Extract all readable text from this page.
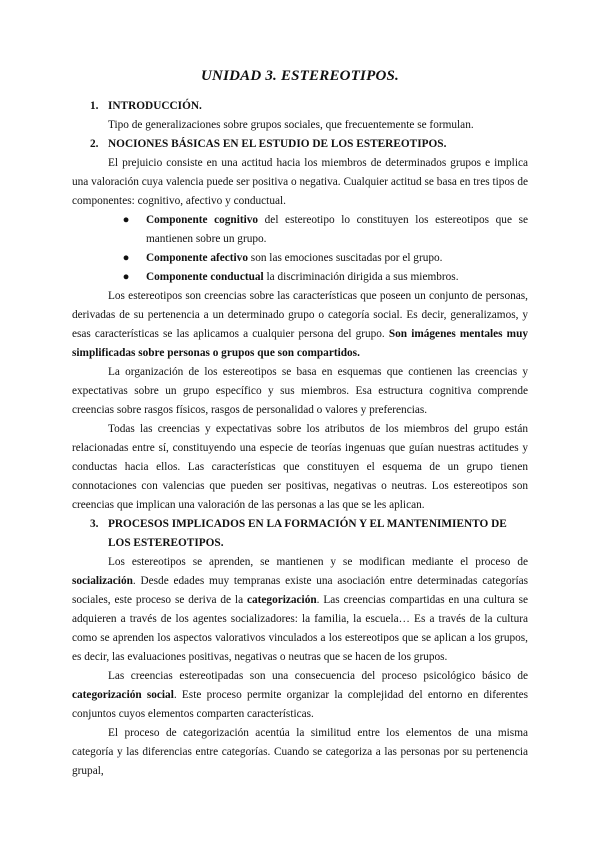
UNIDAD 3. ESTEREOTIPOS.

1. INTRODUCCIÓN.

Tipo de generalizaciones sobre grupos sociales, que frecuentemente se formulan.

2. NOCIONES BÁSICAS EN EL ESTUDIO DE LOS ESTEREOTIPOS.

El prejuicio consiste en una actitud hacia los miembros de determinados grupos e implica una valoración cuya valencia puede ser positiva o negativa. Cualquier actitud se basa en tres tipos de componentes: cognitivo, afectivo y conductual.

●	Componente cognitivo del estereotipo lo constituyen los estereotipos que se mantienen sobre un grupo.
●	Componente afectivo son las emociones suscitadas por el grupo.
●	Componente conductual la discriminación dirigida a sus miembros.

Los estereotipos son creencias sobre las características que poseen un conjunto de personas, derivadas de su pertenencia a un determinado grupo o categoría social. Es decir, generalizamos, y esas características se las aplicamos a cualquier persona del grupo. Son imágenes mentales muy simplificadas sobre personas o grupos que son compartidos.

La organización de los estereotipos se basa en esquemas que contienen las creencias y expectativas sobre un grupo específico y sus miembros. Esa estructura cognitiva comprende creencias sobre rasgos físicos, rasgos de personalidad o valores y preferencias.

Todas las creencias y expectativas sobre los atributos de los miembros del grupo están relacionadas entre sí, constituyendo una especie de teorías ingenuas que guían nuestras actitudes y conductas hacia ellos. Las características que constituyen el esquema de un grupo tienen connotaciones con valencias que pueden ser positivas, negativas o neutras. Los estereotipos son creencias que implican una valoración de las personas a las que se les aplican.

3. PROCESOS IMPLICADOS EN LA FORMACIÓN Y EL MANTENIMIENTO DE LOS ESTEREOTIPOS.

Los estereotipos se aprenden, se mantienen y se modifican mediante el proceso de socialización. Desde edades muy tempranas existe una asociación entre determinadas categorías sociales, este proceso se deriva de la categorización. Las creencias compartidas en una cultura se adquieren a través de los agentes socializadores: la familia, la escuela… Es a través de la cultura como se aprenden los aspectos valorativos vinculados a los estereotipos que se aplican a los grupos, es decir, las evaluaciones positivas, negativas o neutras que se hacen de los grupos.

Las creencias estereotipadas son una consecuencia del proceso psicológico básico de categorización social. Este proceso permite organizar la complejidad del entorno en diferentes conjuntos cuyos elementos comparten características.

El proceso de categorización acentúa la similitud entre los elementos de una misma categoría y las diferencias entre categorías. Cuando se categoriza a las personas por su pertenencia grupal,
